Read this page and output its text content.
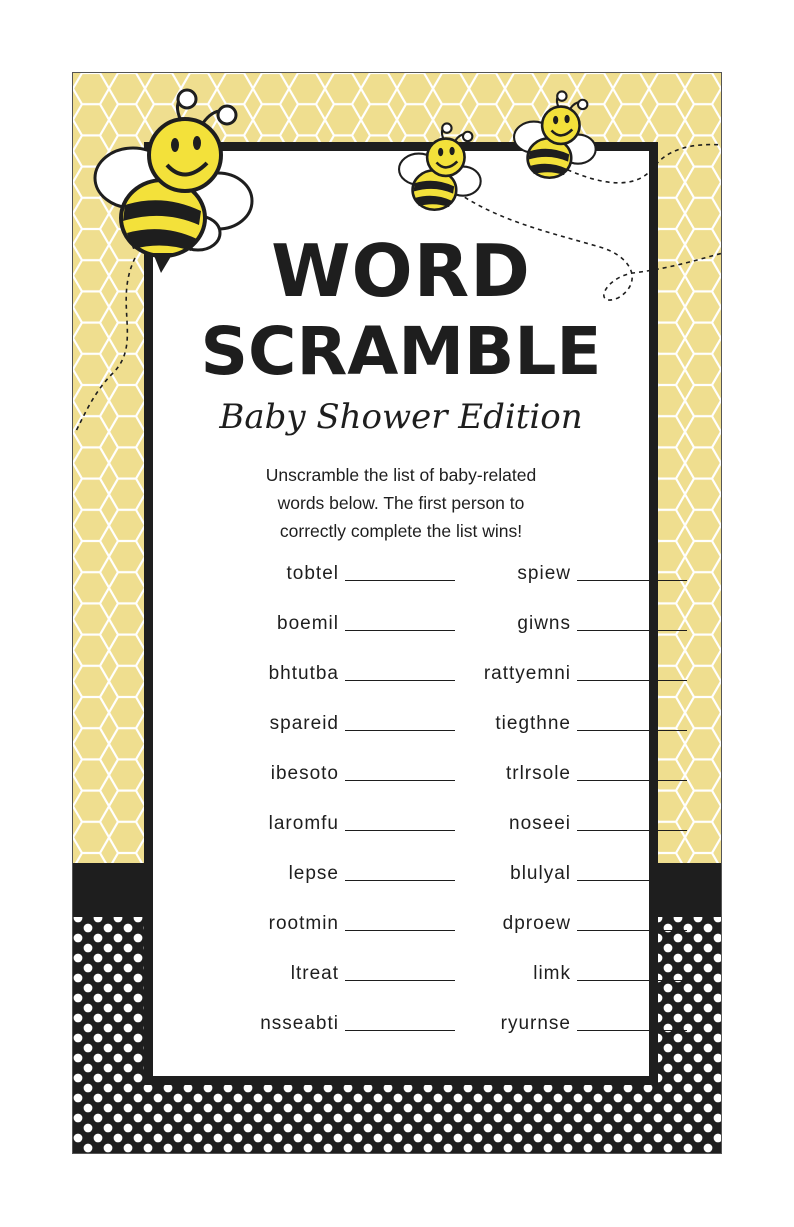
WORD
SCRAMBLE
Baby Shower Edition
Unscramble the list of baby-related
words below. The first person to
correctly complete the list wins!
tobtel
boemil
bhtutba
spareid
ibesoto
laromfu
lepse
rootmin
ltreat
nsseabti
spiew
giwns
rattyemni
tiegthne
trlrsole
noseei
blulyal
dproew
limk
ryurnse
